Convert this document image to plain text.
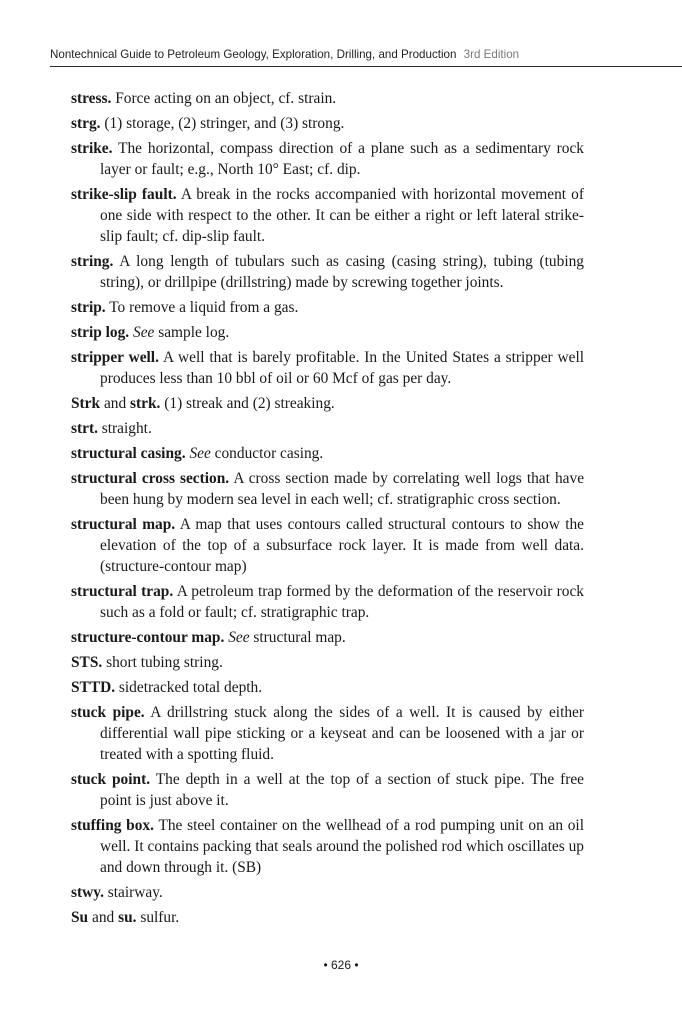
Nontechnical Guide to Petroleum Geology, Exploration, Drilling, and Production 3rd Edition

stress. Force acting on an object, cf. strain.

strg. (1) storage, (2) stringer, and (3) strong.

strike. The horizontal, compass direction of a plane such as a sedimentary rock layer or fault; e.g., North 10° East; cf. dip.

strike-slip fault. A break in the rocks accompanied with horizontal movement of one side with respect to the other. It can be either a right or left lateral strike- slip fault; cf. dip-slip fault.

string. A long length of tubulars such as casing (casing string), tubing (tubing string), or drillpipe (drillstring) made by screwing together joints.

strip. To remove a liquid from a gas.

strip log. See sample log.

stripper well. A well that is barely profitable. In the United States a stripper well produces less than 10 bbl of oil or 60 Mcf of gas per day.

Strk and strk. (1) streak and (2) streaking.

strt. straight.

structural casing. See conductor casing.

structural cross section. A cross section made by correlating well logs that have been hung by modern sea level in each well; cf. stratigraphic cross section.

structural map. A map that uses contours called structural contours to show the elevation of the top of a subsurface rock layer. It is made from well data. (structure-contour map)

structural trap. A petroleum trap formed by the deformation of the reservoir rock such as a fold or fault; cf. stratigraphic trap.

structure-contour map. See structural map.

STS. short tubing string.

STTD. sidetracked total depth.

stuck pipe. A drillstring stuck along the sides of a well. It is caused by either differential wall pipe sticking or a keyseat and can be loosened with a jar or treated with a spotting fluid.

stuck point. The depth in a well at the top of a section of stuck pipe. The free point is just above it.

stuffing box. The steel container on the wellhead of a rod pumping unit on an oil well. It contains packing that seals around the polished rod which oscillates up and down through it. (SB)

stwy. stairway.

Su and su. sulfur.

• 626 •
